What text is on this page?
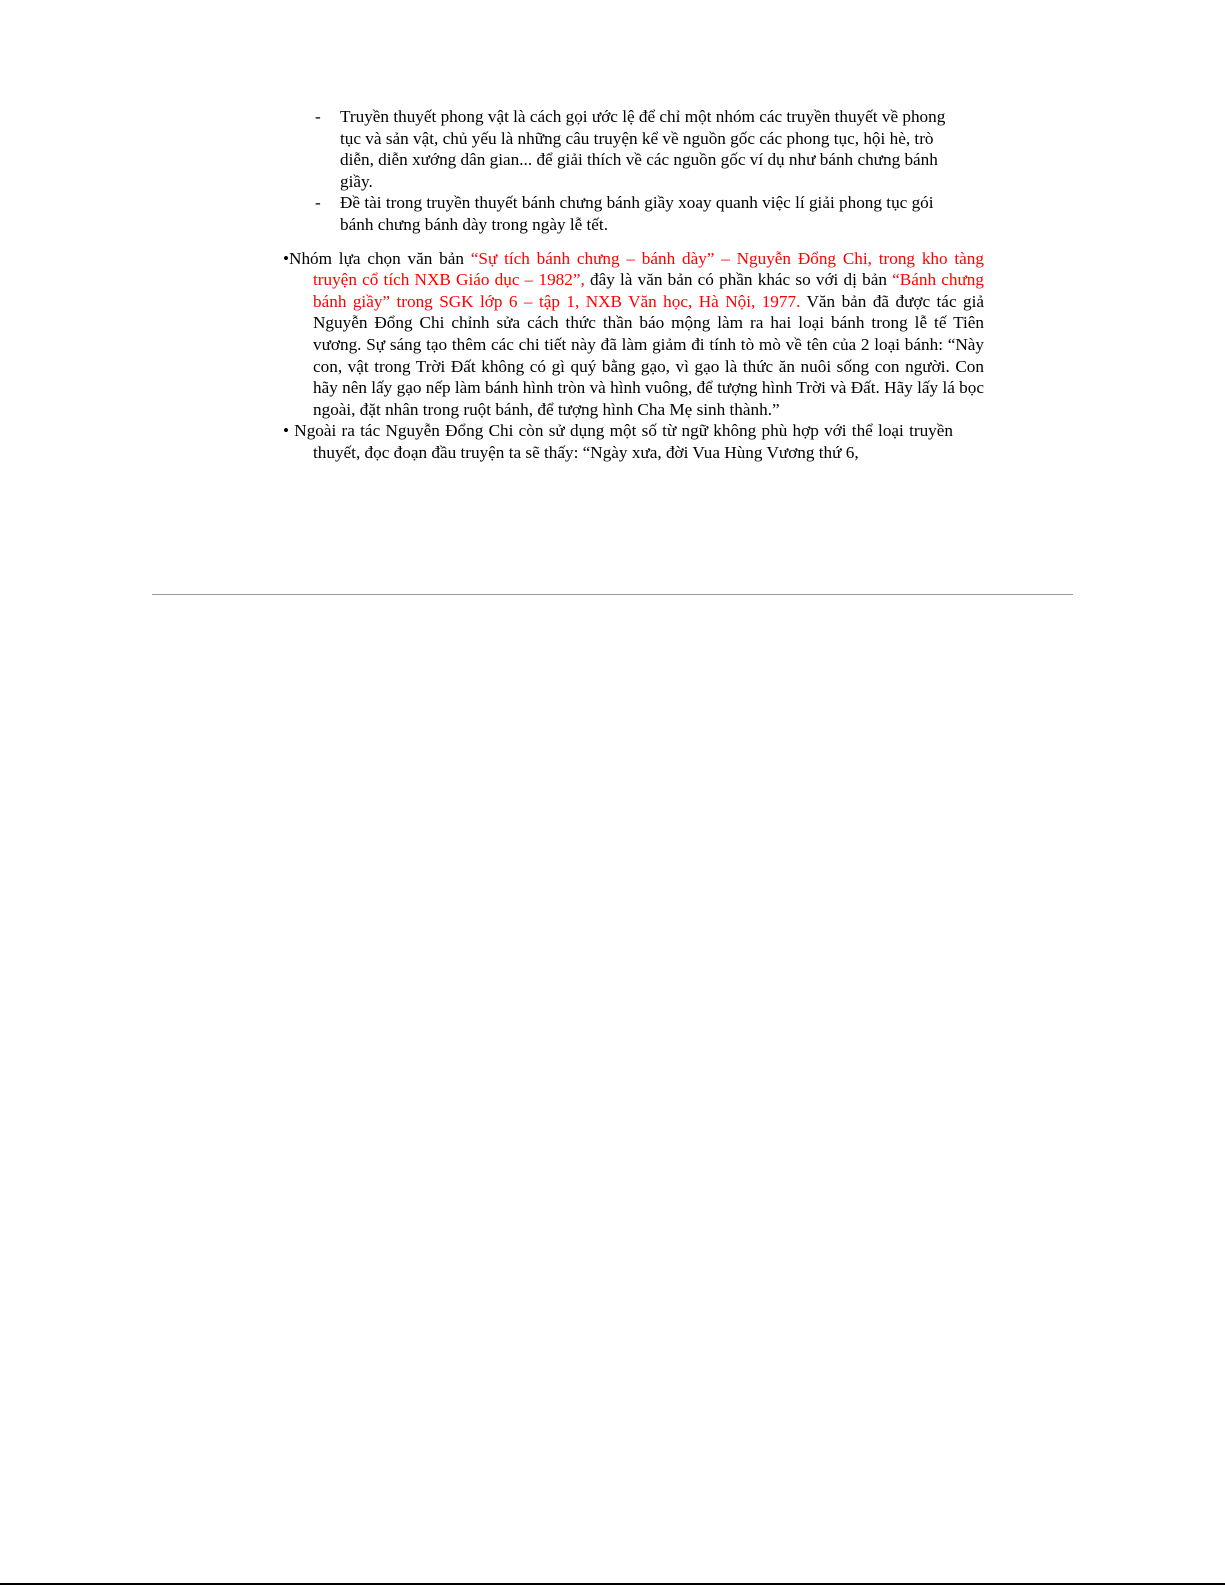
- Truyền thuyết phong vật là cách gọi ước lệ để chỉ một nhóm các truyền thuyết về phong tục và sản vật, chủ yếu là những câu truyện kể về nguồn gốc các phong tục, hội hè, trò diễn, diễn xướng dân gian... để giải thích về các nguồn gốc ví dụ như bánh chưng bánh giầy.
- Đề tài trong truyền thuyết bánh chưng bánh giầy xoay quanh việc lí giải phong tục gói bánh chưng bánh dày trong ngày lễ tết.
•Nhóm lựa chọn văn bản “Sự tích bánh chưng – bánh dày” – Nguyễn Đổng Chi, trong kho tàng truyện cổ tích NXB Giáo dục – 1982”, đây là văn bản có phần khác so với dị bản “Bánh chưng bánh giầy” trong SGK lớp 6 – tập 1, NXB Văn học, Hà Nội, 1977. Văn bản đã được tác giả Nguyễn Đổng Chi chỉnh sửa cách thức thần báo mộng làm ra hai loại bánh trong lễ tế Tiên vương. Sự sáng tạo thêm các chi tiết này đã làm giảm đi tính tò mò về tên của 2 loại bánh: “Này con, vật trong Trời Đất không có gì quý bằng gạo, vì gạo là thức ăn nuôi sống con người. Con hãy nên lấy gạo nếp làm bánh hình tròn và hình vuông, để tượng hình Trời và Đất. Hãy lấy lá bọc ngoài, đặt nhân trong ruột bánh, để tượng hình Cha Mẹ sinh thành.”
• Ngoài ra tác Nguyễn Đổng Chi còn sử dụng một số từ ngữ không phù hợp với thể loại truyền thuyết, đọc đoạn đầu truyện ta sẽ thấy: “Ngày xưa, đời Vua Hùng Vương thứ 6,
